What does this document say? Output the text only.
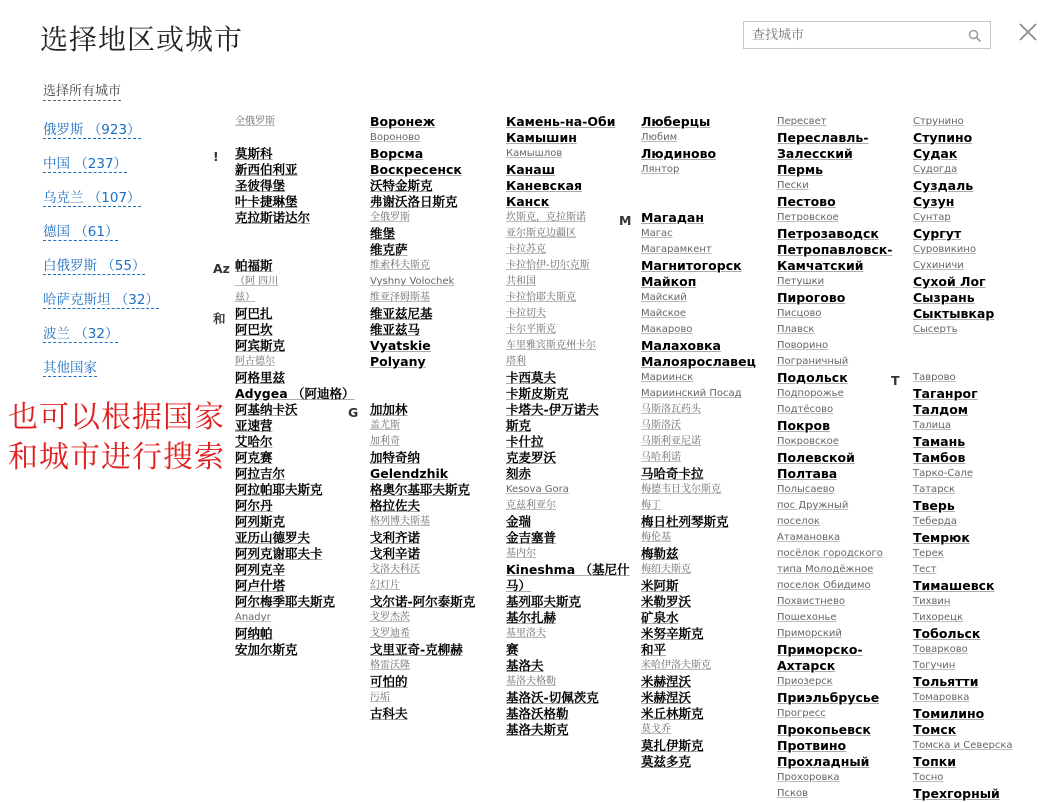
选择地区或城市
查找城市
选择所有城市
俄罗斯 （923）
中国 （237）
乌克兰 （107）
德国 （61）
白俄罗斯 （55）
哈萨克斯坦 （32）
波兰 （32）
其他国家
也可以根据国家
和城市进行搜索
全俄罗斯
! 莫斯科
新西伯利亚
圣彼得堡
叶卡捷琳堡
克拉斯诺达尔
Az 帕福斯
（阿 四川
兹）
和 阿巴扎
阿巴坎
阿宾斯克
阿古德尔
阿格里兹
Adygea （阿迪格）
阿基纳卡沃
亚速营
艾哈尔
阿克赛
阿拉吉尔
阿拉帕耶夫斯克
阿尔丹
阿列斯克
亚历山德罗夫
阿列克谢耶夫卡
阿列克辛
阿卢什塔
阿尔梅季耶夫斯克
Anadyr
阿纳帕
安加尔斯克
Воронеж
Вороново
Ворсма
Воскресенск
沃特金斯克
弗谢沃洛日斯克
全俄罗斯
维堡
维克萨
维索科夫斯克
Vyshny Volochek
维亚泽姆斯基
维亚兹尼基
维亚兹马
Vyatskie
Polyany
G 加加林
盖尤斯
加利奇
加特奇纳
Gelendzhik
格奥尔基耶夫斯克
格拉佐夫
格列博夫斯基
戈利齐诺
戈利辛诺
戈洛夫科沃
幻灯片
戈尔诺-阿尔泰斯克
戈罗杰茨
戈罗迪希
戈里亚奇-克柳赫
格雷沃隆
可怕的
污垢
古科夫
Камень-на-Оби
Камышин
Камышлов
Канаш
Каневская
Канск
坎斯克，克拉斯诺
亚尔斯克边疆区
卡拉苏克
卡拉恰伊-切尔克斯
共和国
卡拉恰耶夫斯克
卡拉切夫
卡尔平斯克
车里雅宾斯克州卡尔
塔利
卡西莫夫
卡斯皮斯克
卡塔夫-伊万诺夫
斯克
卡什拉
克麦罗沃
刻赤
Kesova Gora
克兹利亚尔
金瑞
金吉塞普
基内尔
Kineshma （基尼什马）
基列耶夫斯克
基尔扎赫
基里洛夫
赛
基洛夫
基洛夫格勒
基洛沃-切佩茨克
基洛沃格勒
基洛夫斯克
Люберцы
Любим
Людиново
Лянтор
M Магадан
Магас
Магарамкент
Магнитогорск
Майкоп
Майский
Майское
Макарово
Малаховка
Малоярославец
Мариинск
Мариинский Посад
马斯洛瓦药头
马斯洛沃
马斯利亚尼诺
马哈利诺
马哈奇卡拉
梅德韦日戈尔斯克
梅丁
梅日杜列琴斯克
梅伦基
梅勒兹
梅绍夫斯克
米阿斯
米勒罗沃
矿泉水
米努辛斯克
和平
米哈伊洛夫斯克
米赫涅沃
米赫涅沃
米丘林斯克
莫戈乔
莫扎伊斯克
莫兹多克
Пересвет
Переславль-
Залесский
Пермь
Пески
Пестово
Петровское
Петрозаводск
Петропавловск-
Камчатский
Петушки
Пирогово
Писцово
Плавск
Поворино
Пограничный
Подольск
Подпорожье
Подтёсово
Покров
Покровское
Полевской
Полтава
Полысаево
пос Дружный
поселок
Атамановка
посёлок городского
типа Молодёжное
поселок Обидимо
Похвистнево
Пошехонье
Приморский
Приморско-
Ахтарск
Приозерск
Приэльбрусье
Прогресс
Прокопьевск
Протвино
Прохладный
Прохоровка
Псков
Струнино
Ступино
Судак
Судогда
Суздаль
Сузун
Сунтар
Сургут
Суровикино
Сухиничи
Сухой Лог
Сызрань
Сыктывкар
Сысерть
T Таврово
Таганрог
Талдом
Талица
Тамань
Тамбов
Тарко-Сале
Татарск
Тверь
Теберда
Темрюк
Терек
Тест
Тимашевск
Тихвин
Тихорецк
Тобольск
Товарково
Тогучин
Тольятти
Томаровка
Томилино
Томск
Томска и Северска
Топки
Тосно
Трехгорный
